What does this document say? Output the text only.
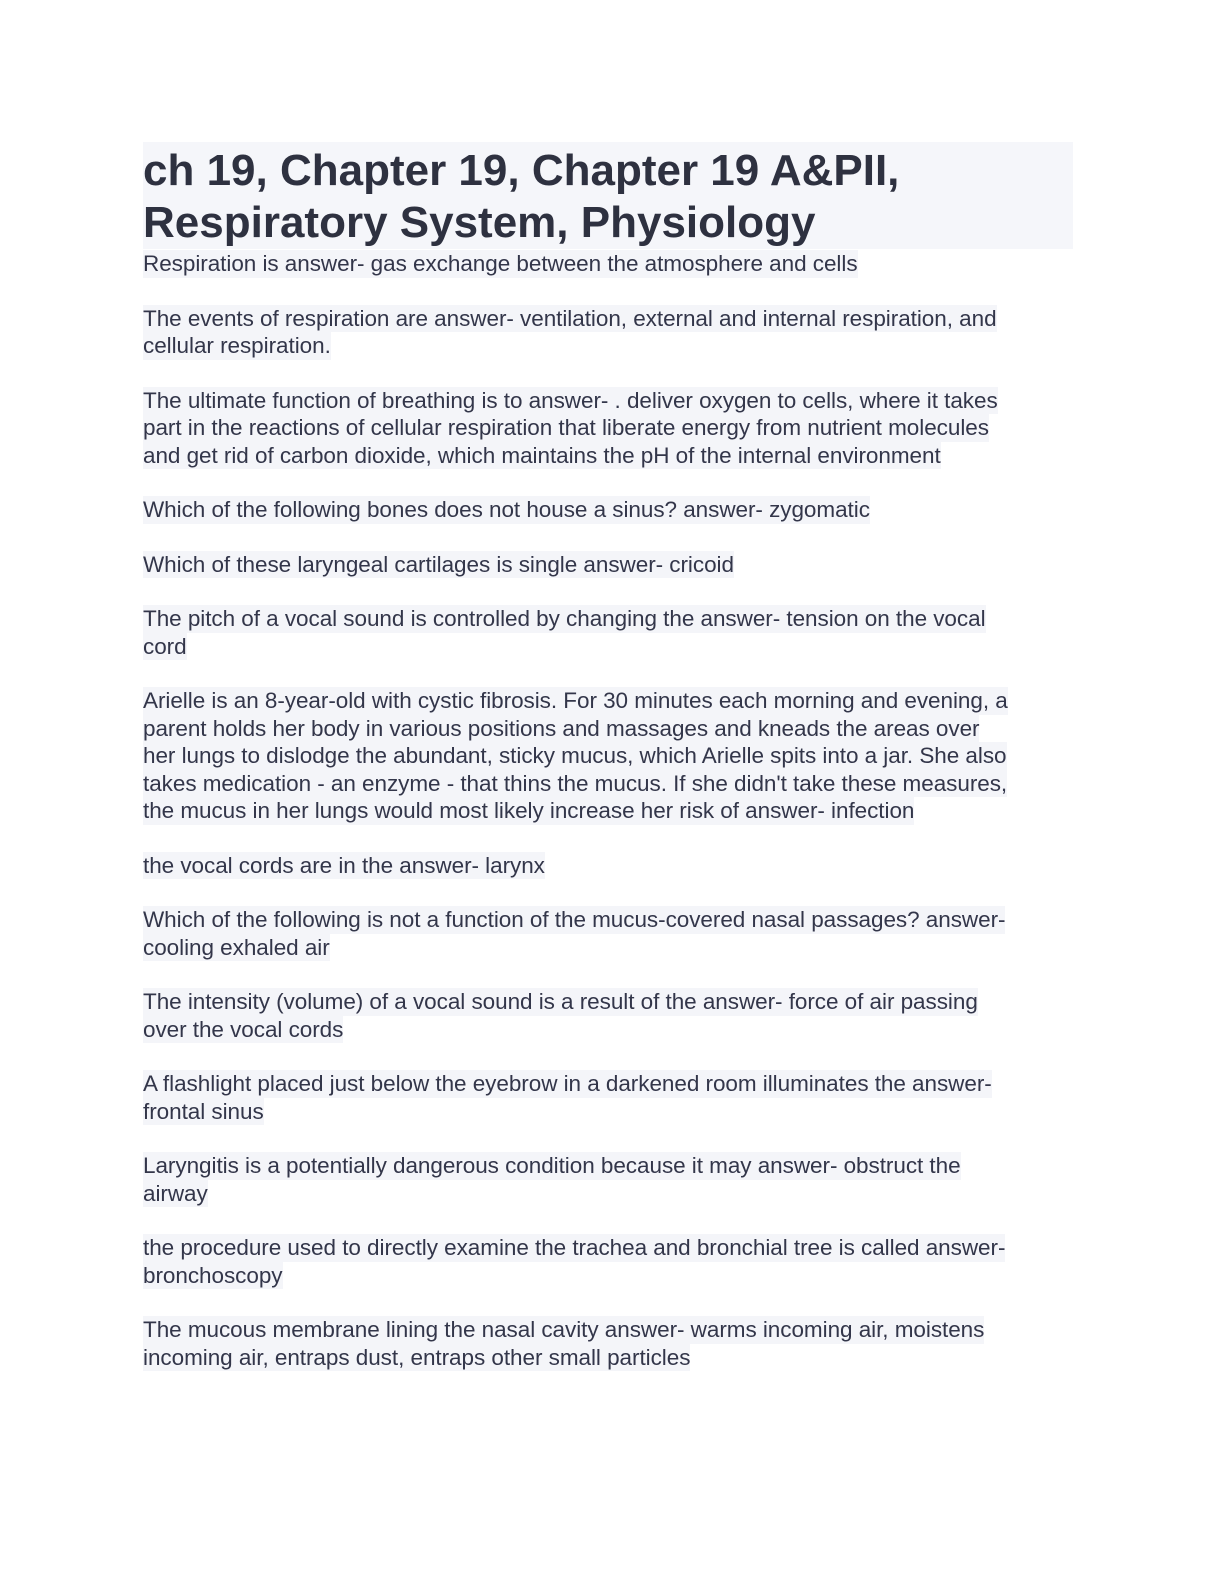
ch 19, Chapter 19, Chapter 19 A&PII,
Respiratory System, Physiology
Respiration is answer- gas exchange between the atmosphere and cells
The events of respiration are answer- ventilation, external and internal respiration, and
cellular respiration.
The ultimate function of breathing is to answer- . deliver oxygen to cells, where it takes
part in the reactions of cellular respiration that liberate energy from nutrient molecules
and get rid of carbon dioxide, which maintains the pH of the internal environment
Which of the following bones does not house a sinus? answer- zygomatic
Which of these laryngeal cartilages is single answer- cricoid
The pitch of a vocal sound is controlled by changing the answer- tension on the vocal
cord
Arielle is an 8-year-old with cystic fibrosis. For 30 minutes each morning and evening, a
parent holds her body in various positions and massages and kneads the areas over
her lungs to dislodge the abundant, sticky mucus, which Arielle spits into a jar. She also
takes medication - an enzyme - that thins the mucus. If she didn't take these measures,
the mucus in her lungs would most likely increase her risk of answer- infection
the vocal cords are in the answer- larynx
Which of the following is not a function of the mucus-covered nasal passages? answer-
cooling exhaled air
The intensity (volume) of a vocal sound is a result of the answer- force of air passing
over the vocal cords
A flashlight placed just below the eyebrow in a darkened room illuminates the answer-
frontal sinus
Laryngitis is a potentially dangerous condition because it may answer- obstruct the
airway
the procedure used to directly examine the trachea and bronchial tree is called answer-
bronchoscopy
The mucous membrane lining the nasal cavity answer- warms incoming air, moistens
incoming air, entraps dust, entraps other small particles
